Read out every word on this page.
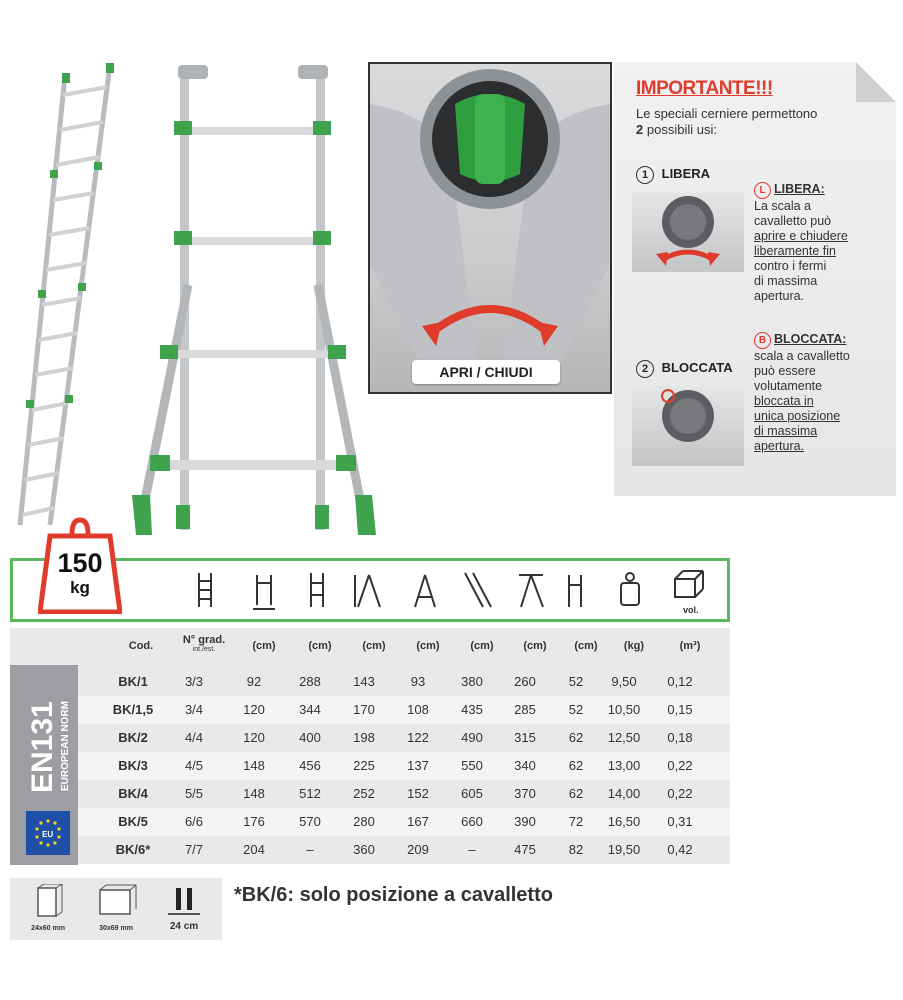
APRI / CHIUDI
IMPORTANTE!!!
Le speciali cerniere permettono
2 possibili usi:
1 LIBERA
L LIBERA:
La scala a
cavalletto può
aprire e chiudere
liberamente fin
contro i fermi
di massima
apertura.
2 BLOCCATA
B BLOCCATA:
scala a cavalletto
può essere
volutamente
bloccata in
unica posizione
di massima
apertura.
vol.
150
kg
Cod.	N° grad.
int./est.	(cm)	(cm)	(cm)	(cm)	(cm)	(cm)	(cm)	(kg)	(m³)
EN131 EUROPEAN NORM
EU
BK/1	3/3	92	288	143	93	380	260	52	9,50	0,12
BK/1,5	3/4	120	344	170	108	435	285	52	10,50	0,15
BK/2	4/4	120	400	198	122	490	315	62	12,50	0,18
BK/3	4/5	148	456	225	137	550	340	62	13,00	0,22
BK/4	5/5	148	512	252	152	605	370	62	14,00	0,22
BK/5	6/6	176	570	280	167	660	390	72	16,50	0,31
BK/6*	7/7	204	–	360	209	–	475	82	19,50	0,42
24x60 mm	30x69 mm	24 cm
*BK/6: solo posizione a cavalletto
